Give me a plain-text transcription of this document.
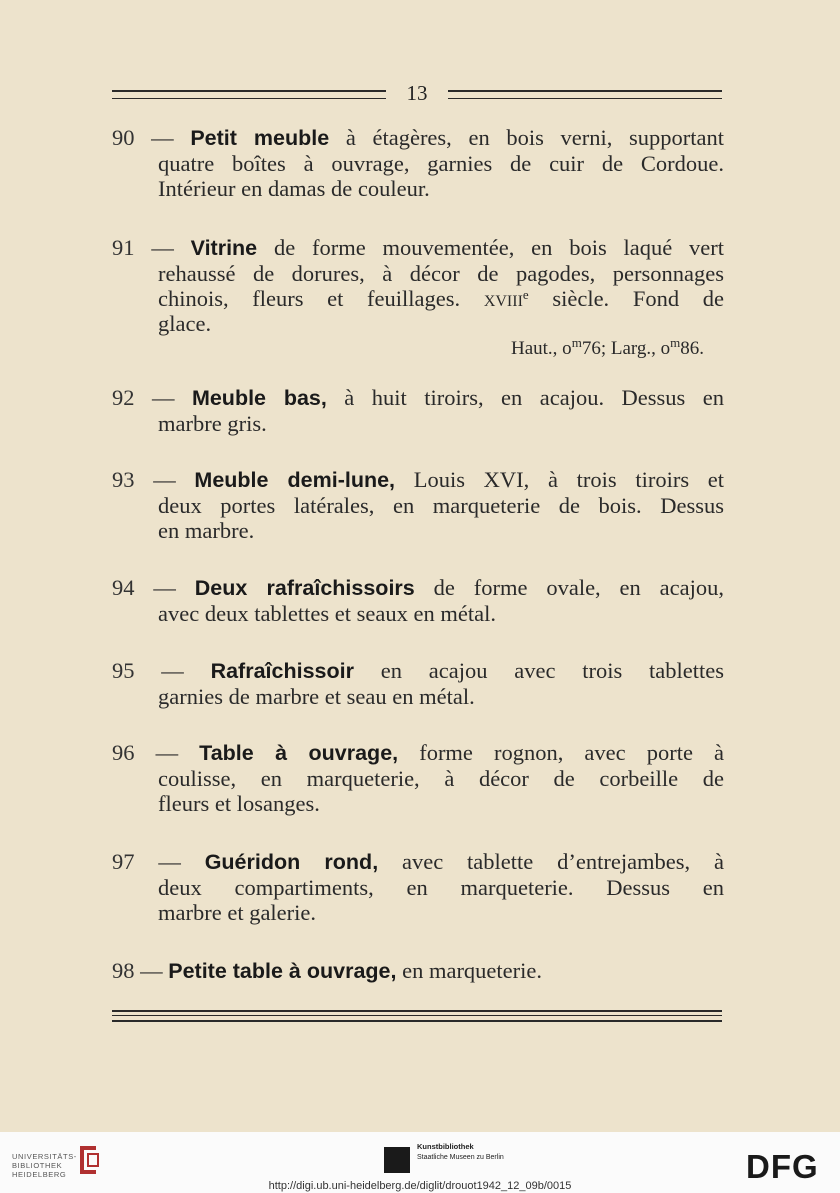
13
90 — Petit meuble à étagères, en bois verni, supportant
quatre boîtes à ouvrage, garnies de cuir de Cordoue.
Intérieur en damas de couleur.
91 — Vitrine de forme mouvementée, en bois laqué vert
rehaussé de dorures, à décor de pagodes, personnages
chinois, fleurs et feuillages. xviii$^e$ siècle. Fond de
glace.
Haut., $o^m76$; Larg., $o^m86$.
92 — Meuble bas, à huit tiroirs, en acajou. Dessus en
marbre gris.
93 — Meuble demi-lune, Louis XVI, à trois tiroirs et
deux portes latérales, en marqueterie de bois. Dessus
en marbre.
94 — Deux rafraîchissoirs de forme ovale, en acajou,
avec deux tablettes et seaux en métal.
95 — Rafraîchissoir en acajou avec trois tablettes
garnies de marbre et seau en métal.
96 — Table à ouvrage, forme rognon, avec porte à
coulisse, en marqueterie, à décor de corbeille de
fleurs et losanges.
97 — Guéridon rond, avec tablette d’entrejambes, à
deux compartiments, en marqueterie. Dessus en
marbre et galerie.
98 — Petite table à ouvrage, en marqueterie.
UNIVERSITÄTS-
BIBLIOTHEK
HEIDELBERG
Kunstbibliothek
Staatliche Museen zu Berlin	DFG
http://digi.ub.uni-heidelberg.de/diglit/drouot1942_12_09b/0015
